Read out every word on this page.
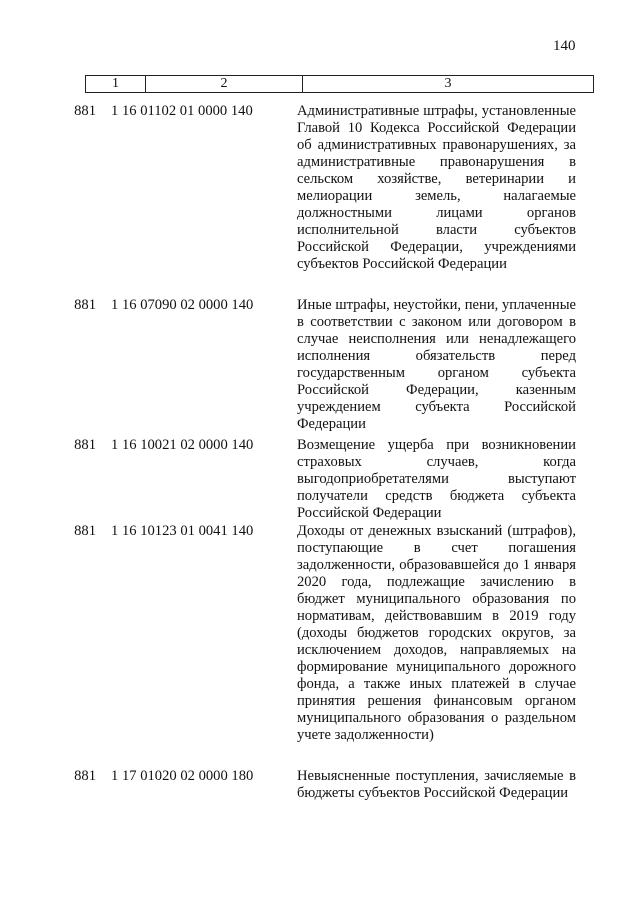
140
1	2	3
881	1 16 01102 01 0000 140	Административные штрафы, установленные Главой 10 Кодекса Российской Федерации об административных правонарушениях, за административные правонарушения в сельском хозяйстве, ветеринарии и мелиорации земель, налагаемые должностными лицами органов исполнительной власти субъектов Российской Федерации, учреждениями субъектов Российской Федерации
881	1 16 07090 02 0000 140	Иные штрафы, неустойки, пени, уплаченные в соответствии с законом или договором в случае неисполнения или ненадлежащего исполнения обязательств перед государственным органом субъекта Российской Федерации, казенным учреждением субъекта Российской Федерации
881	1 16 10021 02 0000 140	Возмещение ущерба при возникновении страховых случаев, когда выгодоприобретателями выступают получатели средств бюджета субъекта Российской Федерации
881	1 16 10123 01 0041 140	Доходы от денежных взысканий (штрафов), поступающие в счет погашения задолженности, образовавшейся до 1 января 2020 года, подлежащие зачислению в бюджет муниципального образования по нормативам, действовавшим в 2019 году (доходы бюджетов городских округов, за исключением доходов, направляемых на формирование муниципального дорожного фонда, а также иных платежей в случае принятия решения финансовым органом муниципального образования о раздельном учете задолженности)
881	1 17 01020 02 0000 180	Невыясненные поступления, зачисляемые в бюджеты субъектов Российской Федерации
